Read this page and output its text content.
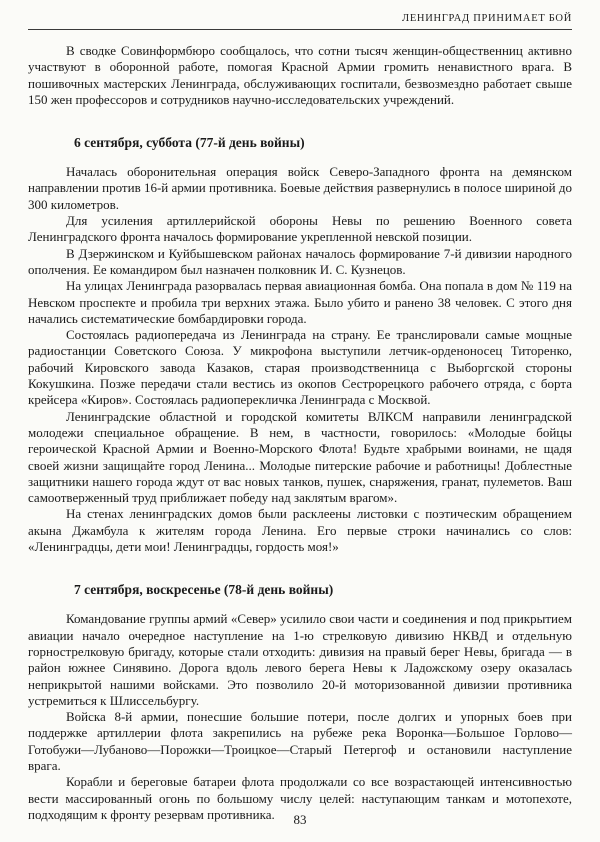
ЛЕНИНГРАД ПРИНИМАЕТ БОЙ

В сводке Совинформбюро сообщалось, что сотни тысяч женщин-общественниц активно участвуют в оборонной работе, помогая Красной Армии громить ненавистного врага. В пошивочных мастерских Ленинграда, обслуживающих госпитали, безвозмездно работает свыше 150 жен профессоров и сотрудников научно-исследовательских учреждений.

6 сентября, суббота (77-й день войны)

Началась оборонительная операция войск Северо-Западного фронта на демянском направлении против 16-й армии противника. Боевые действия развернулись в полосе шириной до 300 километров.

Для усиления артиллерийской обороны Невы по решению Военного совета Ленинградского фронта началось формирование укрепленной невской позиции.

В Дзержинском и Куйбышевском районах началось формирование 7-й дивизии народного ополчения. Ее командиром был назначен полковник И. С. Кузнецов.

На улицах Ленинграда разорвалась первая авиационная бомба. Она попала в дом № 119 на Невском проспекте и пробила три верхних этажа. Было убито и ранено 38 человек. С этого дня начались систематические бомбардировки города.

Состоялась радиопередача из Ленинграда на страну. Ее транслировали самые мощные радиостанции Советского Союза. У микрофона выступили летчик-орденоносец Титоренко, рабочий Кировского завода Казаков, старая производственница с Выборгской стороны Кокушкина. Позже передачи стали вестись из окопов Сестрорецкого рабочего отряда, с борта крейсера «Киров». Состоялась радиоперекличка Ленинграда с Москвой.

Ленинградские областной и городской комитеты ВЛКСМ направили ленинградской молодежи специальное обращение. В нем, в частности, говорилось: «Молодые бойцы героической Красной Армии и Военно-Морского Флота! Будьте храбрыми воинами, не щадя своей жизни защищайте город Ленина... Молодые питерские рабочие и работницы! Доблестные защитники нашего города ждут от вас новых танков, пушек, снаряжения, гранат, пулеметов. Ваш самоотверженный труд приближает победу над заклятым врагом».

На стенах ленинградских домов были расклеены листовки с поэтическим обращением акына Джамбула к жителям города Ленина. Его первые строки начинались со слов: «Ленинградцы, дети мои! Ленинградцы, гордость моя!»

7 сентября, воскресенье (78-й день войны)

Командование группы армий «Север» усилило свои части и соединения и под прикрытием авиации начало очередное наступление на 1-ю стрелковую дивизию НКВД и отдельную горнострелковую бригаду, которые стали отходить: дивизия на правый берег Невы, бригада — в район южнее Синявино. Дорога вдоль левого берега Невы к Ладожскому озеру оказалась неприкрытой нашими войсками. Это позволило 20-й моторизованной дивизии противника устремиться к Шлиссельбургу.

Войска 8-й армии, понесшие большие потери, после долгих и упорных боев при поддержке артиллерии флота закрепились на рубеже река Воронка—Большое Горлово—Готобужи—Лубаново—Порожки—Троицкое—Старый Петергоф и остановили наступление врага.

Корабли и береговые батареи флота продолжали со все возрастающей интенсивностью вести массированный огонь по большому числу целей: наступающим танкам и мотопехоте, подходящим к фронту резервам противника.	83
